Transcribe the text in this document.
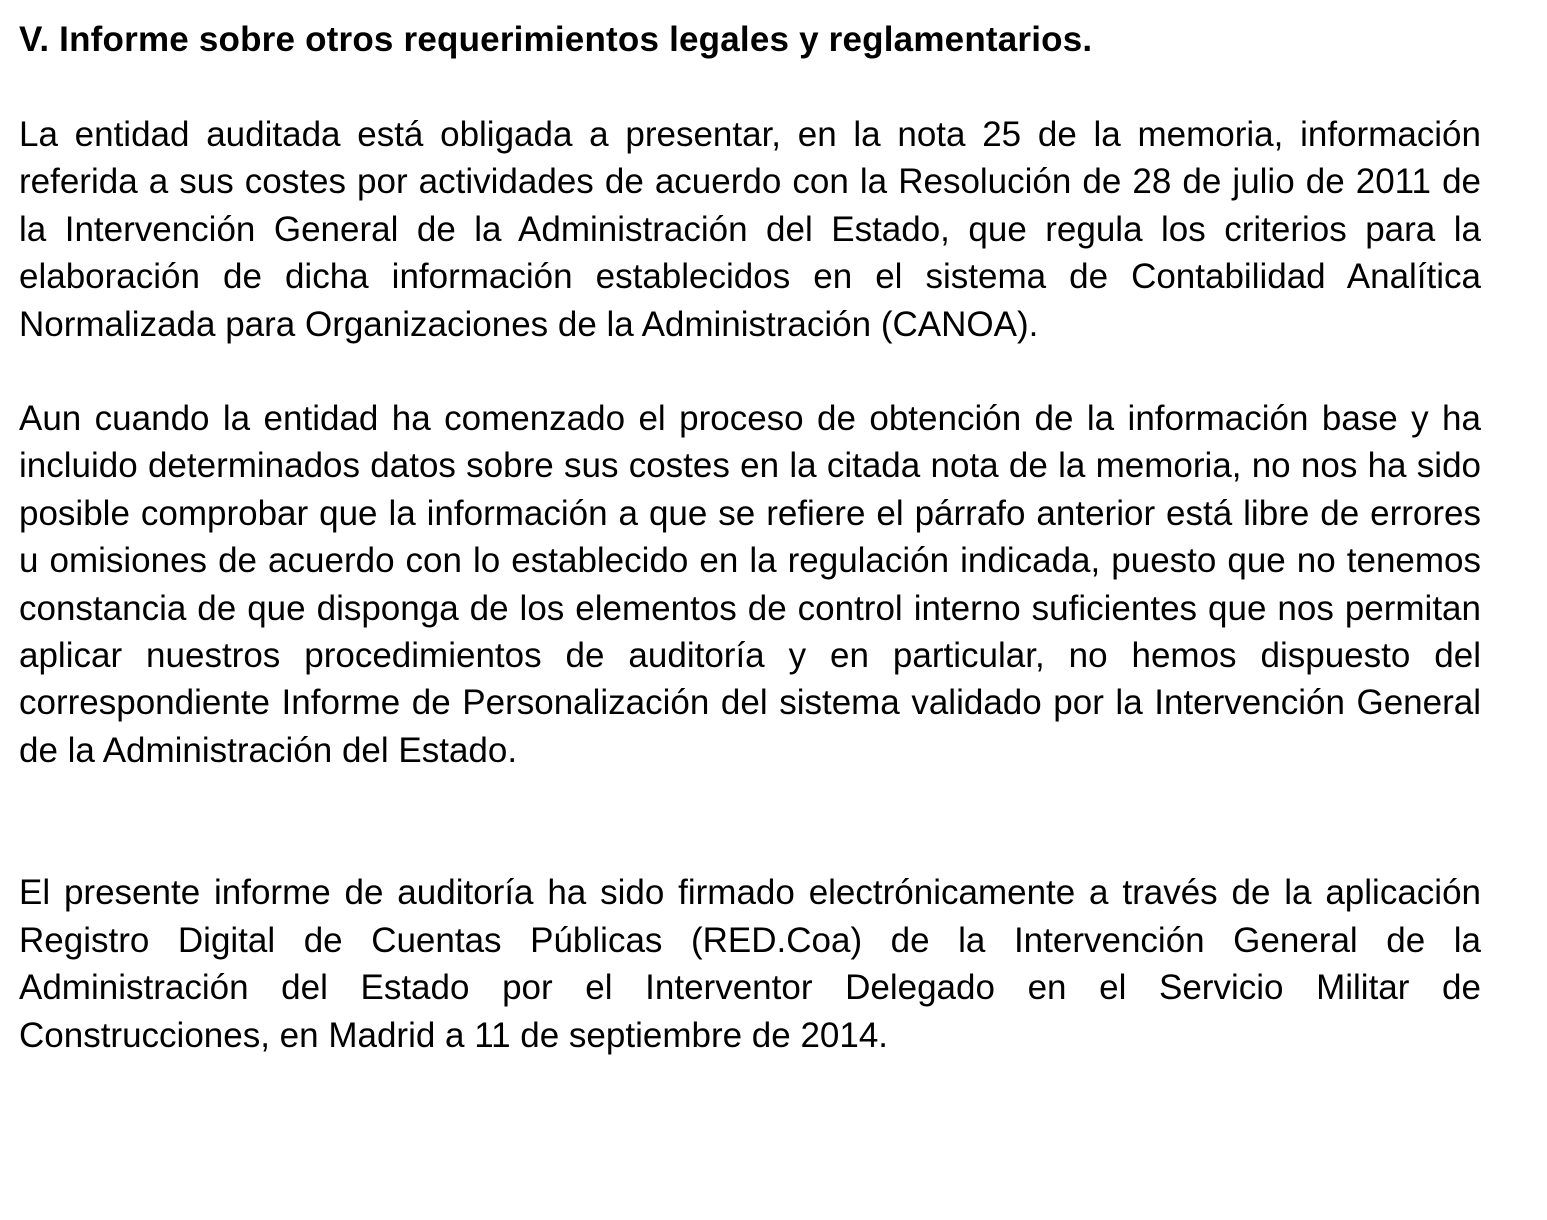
V. Informe sobre otros requerimientos legales y reglamentarios.

La entidad auditada está obligada a presentar, en la nota 25 de la memoria, información referida a sus costes por actividades de acuerdo con la Resolución de 28 de julio de 2011 de la Intervención General de la Administración del Estado, que regula los criterios para la elaboración de dicha información establecidos en el sistema de Contabilidad Analítica Normalizada para Organizaciones de la Administración (CANOA).

Aun cuando la entidad ha comenzado el proceso de obtención de la información base y ha incluido determinados datos sobre sus costes en la citada nota de la memoria, no nos ha sido posible comprobar que la información a que se refiere el párrafo anterior está libre de errores u omisiones de acuerdo con lo establecido en la regulación indicada, puesto que no tenemos constancia de que disponga de los elementos de control interno suficientes que nos permitan aplicar nuestros procedimientos de auditoría y en particular, no hemos dispuesto del correspondiente Informe de Personalización del sistema validado por la Intervención General de la Administración del Estado.

El presente informe de auditoría ha sido firmado electrónicamente a través de la aplicación Registro Digital de Cuentas Públicas (RED.Coa) de la Intervención General de la Administración del Estado por el Interventor Delegado en el Servicio Militar de Construcciones, en Madrid a 11 de septiembre de 2014.
